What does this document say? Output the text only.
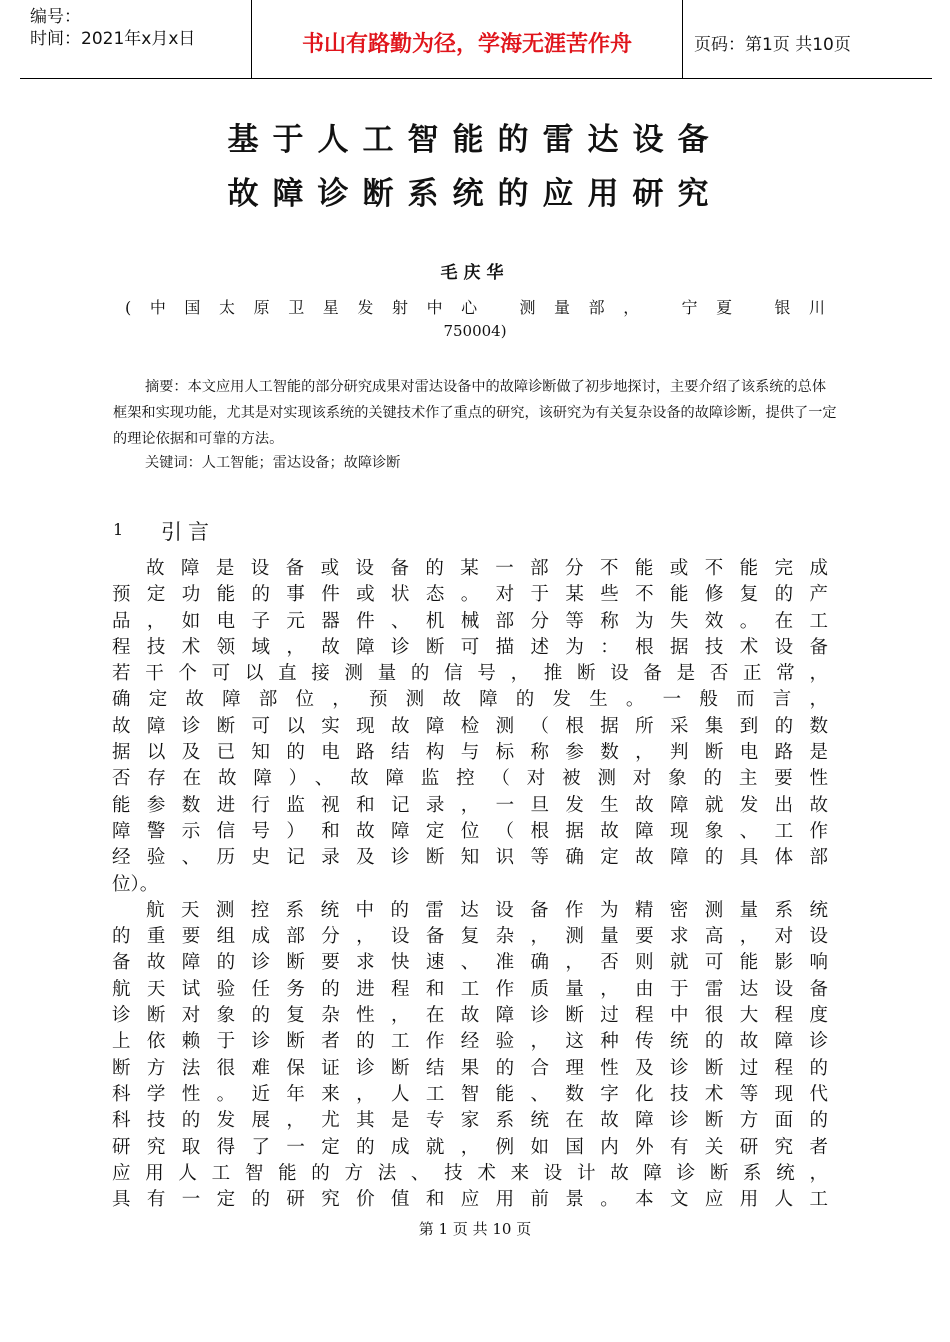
编号：
时间：2021年x月x日	书山有路勤为径，学海无涯苦作舟	页码：第1页 共10页
基于人工智能的雷达设备
故障诊断系统的应用研究
毛庆华
(中国太原卫星发射中心 测量部， 宁夏 银川
750004)
摘要：本文应用人工智能的部分研究成果对雷达设备中的故障诊断做了初步地探讨，主要介绍了该系统的总体框架和实现功能，尤其是对实现该系统的关键技术作了重点的研究，该研究为有关复杂设备的故障诊断，提供了一定的理论依据和可靠的方法。
关键词：人工智能；雷达设备；故障诊断
1 引言
故障是设备或设备的某一部分不能或不能完成
预定功能的事件或状态。对于某些不能修复的产
品，如电子元器件、机械部分等称为失效。在工
程技术领域，故障诊断可描述为：根据技术设备
若干个可以直接测量的信号，推断设备是否正常，
确定故障部位，预测故障的发生。一般而言，
故障诊断可以实现故障检测（根据所采集到的数
据以及已知的电路结构与标称参数，判断电路是
否存在故障）、故障监控（对被测对象的主要性
能参数进行监视和记录，一旦发生故障就发出故
障警示信号）和故障定位（根据故障现象、工作
经验、历史记录及诊断知识等确定故障的具体部
位）。
航天测控系统中的雷达设备作为精密测量系统
的重要组成部分，设备复杂，测量要求高，对设
备故障的诊断要求快速、准确，否则就可能影响
航天试验任务的进程和工作质量，由于雷达设备
诊断对象的复杂性，在故障诊断过程中很大程度
上依赖于诊断者的工作经验，这种传统的故障诊
断方法很难保证诊断结果的合理性及诊断过程的
科学性。近年来，人工智能、数字化技术等现代
科技的发展，尤其是专家系统在故障诊断方面的
研究取得了一定的成就，例如国内外有关研究者
应用人工智能的方法、技术来设计故障诊断系统，
具有一定的研究价值和应用前景。本文应用人工
第 1 页 共 10 页
